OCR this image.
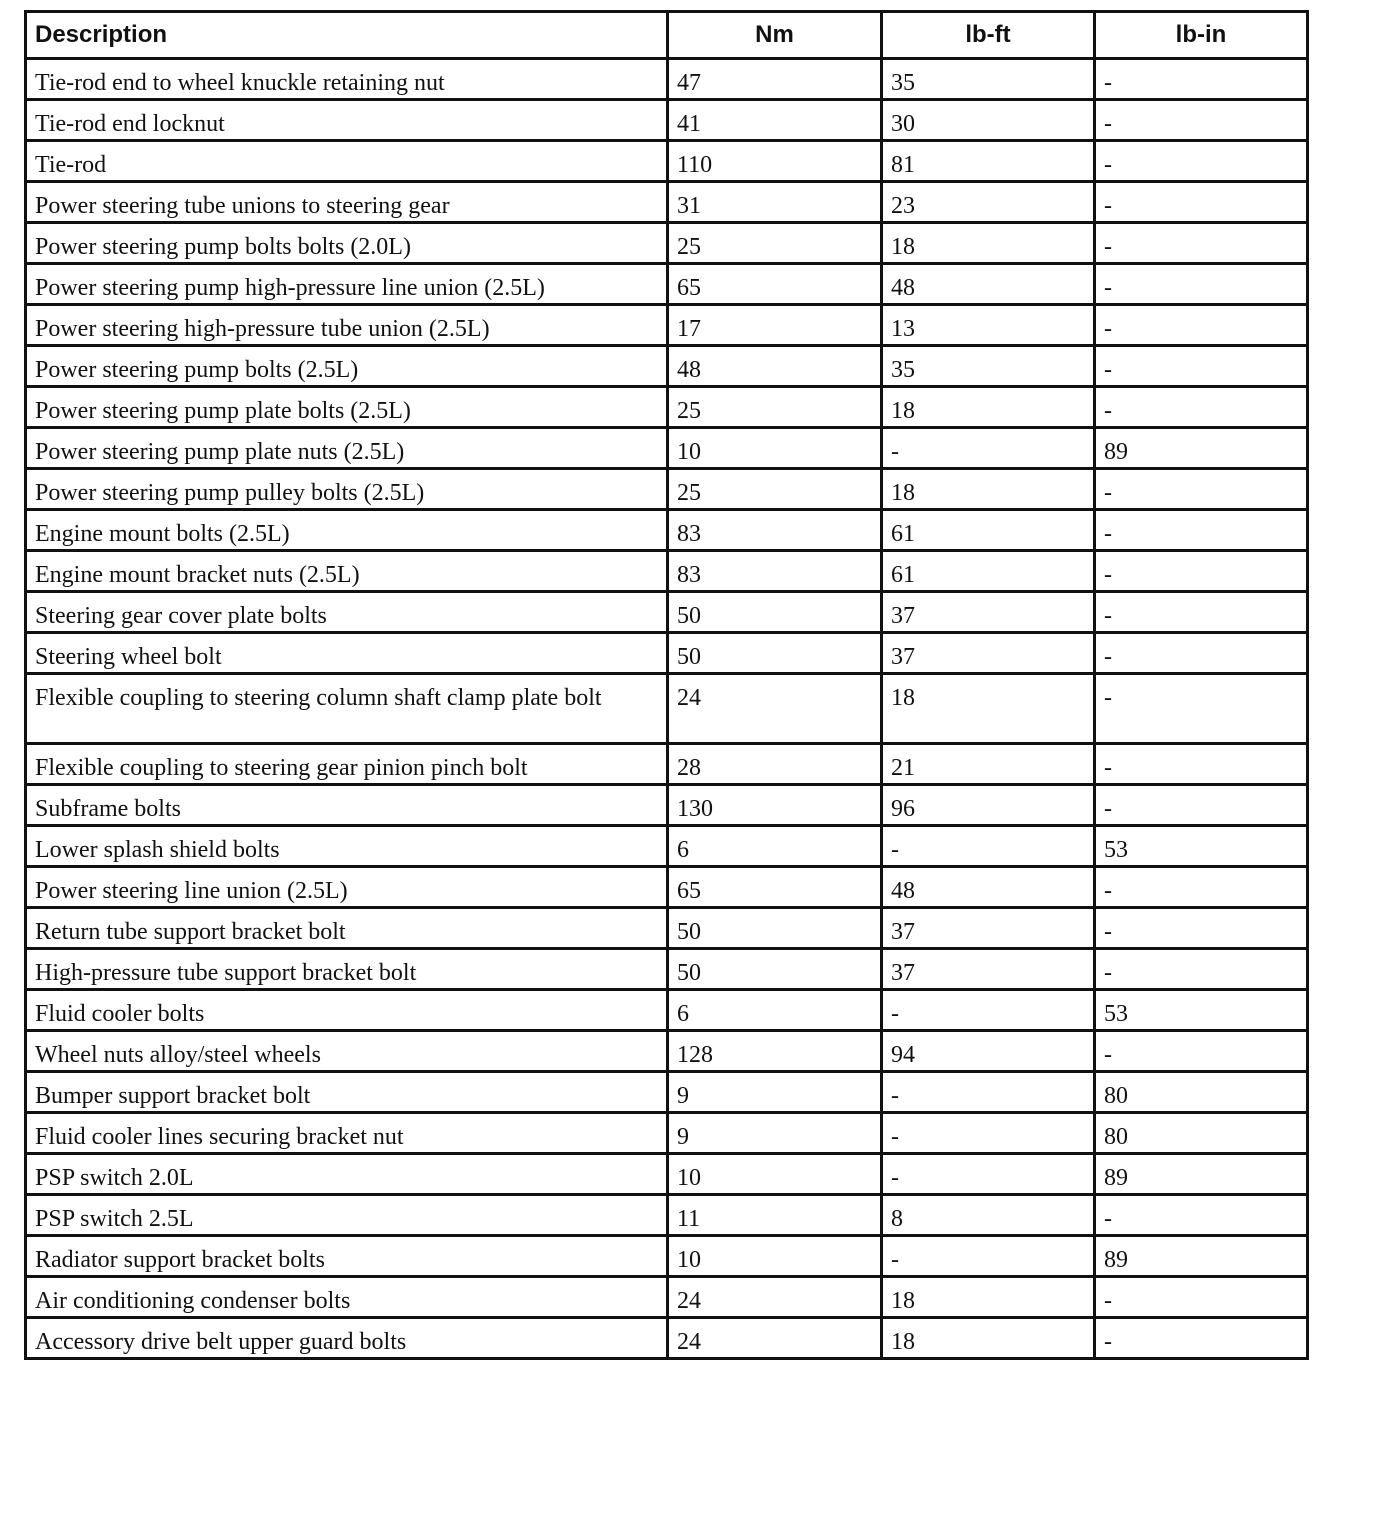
Description	Nm	lb-ft	lb-in
Tie-rod end to wheel knuckle retaining nut	47	35	-
Tie-rod end locknut	41	30	-
Tie-rod	110	81	-
Power steering tube unions to steering gear	31	23	-
Power steering pump bolts bolts (2.0L)	25	18	-
Power steering pump high-pressure line union (2.5L)	65	48	-
Power steering high-pressure tube union (2.5L)	17	13	-
Power steering pump bolts (2.5L)	48	35	-
Power steering pump plate bolts (2.5L)	25	18	-
Power steering pump plate nuts (2.5L)	10	-	89
Power steering pump pulley bolts (2.5L)	25	18	-
Engine mount bolts (2.5L)	83	61	-
Engine mount bracket nuts (2.5L)	83	61	-
Steering gear cover plate bolts	50	37	-
Steering wheel bolt	50	37	-
Flexible coupling to steering column shaft clamp plate bolt	24	18	-
Flexible coupling to steering gear pinion pinch bolt	28	21	-
Subframe bolts	130	96	-
Lower splash shield bolts	6	-	53
Power steering line union (2.5L)	65	48	-
Return tube support bracket bolt	50	37	-
High-pressure tube support bracket bolt	50	37	-
Fluid cooler bolts	6	-	53
Wheel nuts alloy/steel wheels	128	94	-
Bumper support bracket bolt	9	-	80
Fluid cooler lines securing bracket nut	9	-	80
PSP switch 2.0L	10	-	89
PSP switch 2.5L	11	8	-
Radiator support bracket bolts	10	-	89
Air conditioning condenser bolts	24	18	-
Accessory drive belt upper guard bolts	24	18	-
